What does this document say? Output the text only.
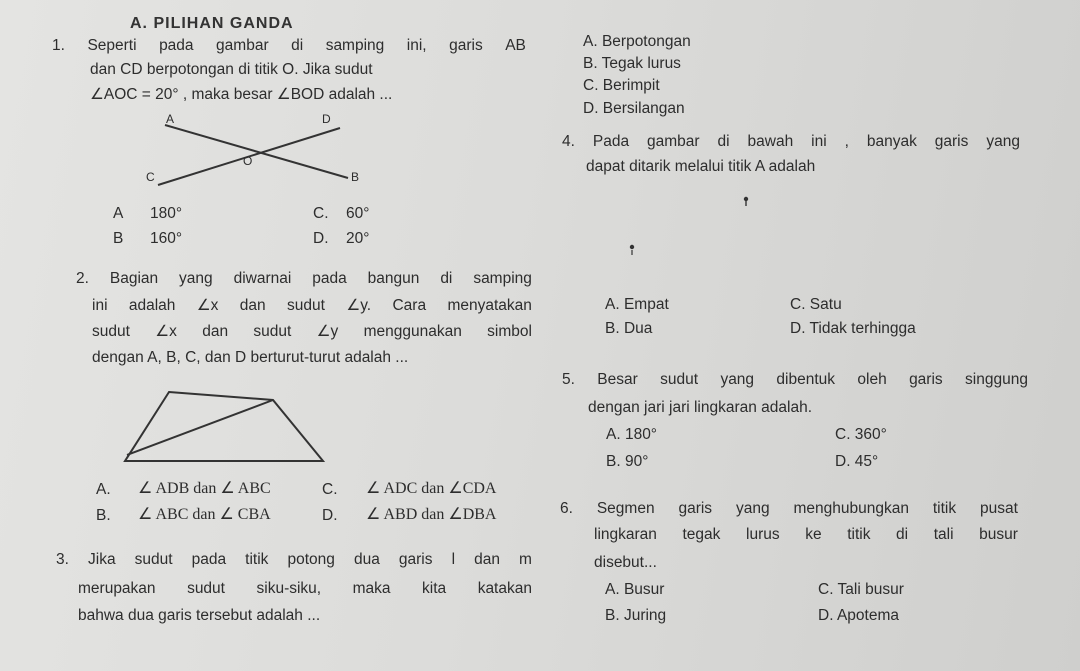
A. PILIHAN GANDA
1. Seperti pada gambar di samping ini, garis AB
dan CD berpotongan di titik O. Jika sudut
∠AOC = 20° , maka besar ∠BOD adalah ...
A	D
O
C	B
A 180°
B 160°
C. 60°
D. 20°
A. Berpotongan
B. Tegak lurus
C. Berimpit
D. Bersilangan
4. Pada gambar di bawah ini , banyak garis yang
dapat ditarik melalui titik A adalah
2. Bagian yang diwarnai pada bangun di samping
ini adalah ∠x dan sudut ∠y. Cara menyatakan
sudut ∠x dan sudut ∠y menggunakan simbol
dengan A, B, C, dan D berturut-turut adalah ...
A. ∠ ADB dan ∠ ABC
B. ∠ ABC dan ∠ CBA
C. ∠ ADC dan ∠CDA
D. ∠ ABD dan ∠DBA
A. Empat
B. Dua
C. Satu
D. Tidak terhingga
5. Besar sudut yang dibentuk oleh garis singgung
dengan jari jari lingkaran adalah.
A. 180°
B. 90°
C. 360°
D. 45°
6. Segmen garis yang menghubungkan titik pusat
lingkaran tegak lurus ke titik di tali busur
disebut...
A. Busur
B. Juring
C. Tali busur
D. Apotema
3. Jika sudut pada titik potong dua garis l dan m
merupakan sudut siku-siku, maka kita katakan
bahwa dua garis tersebut adalah ...
